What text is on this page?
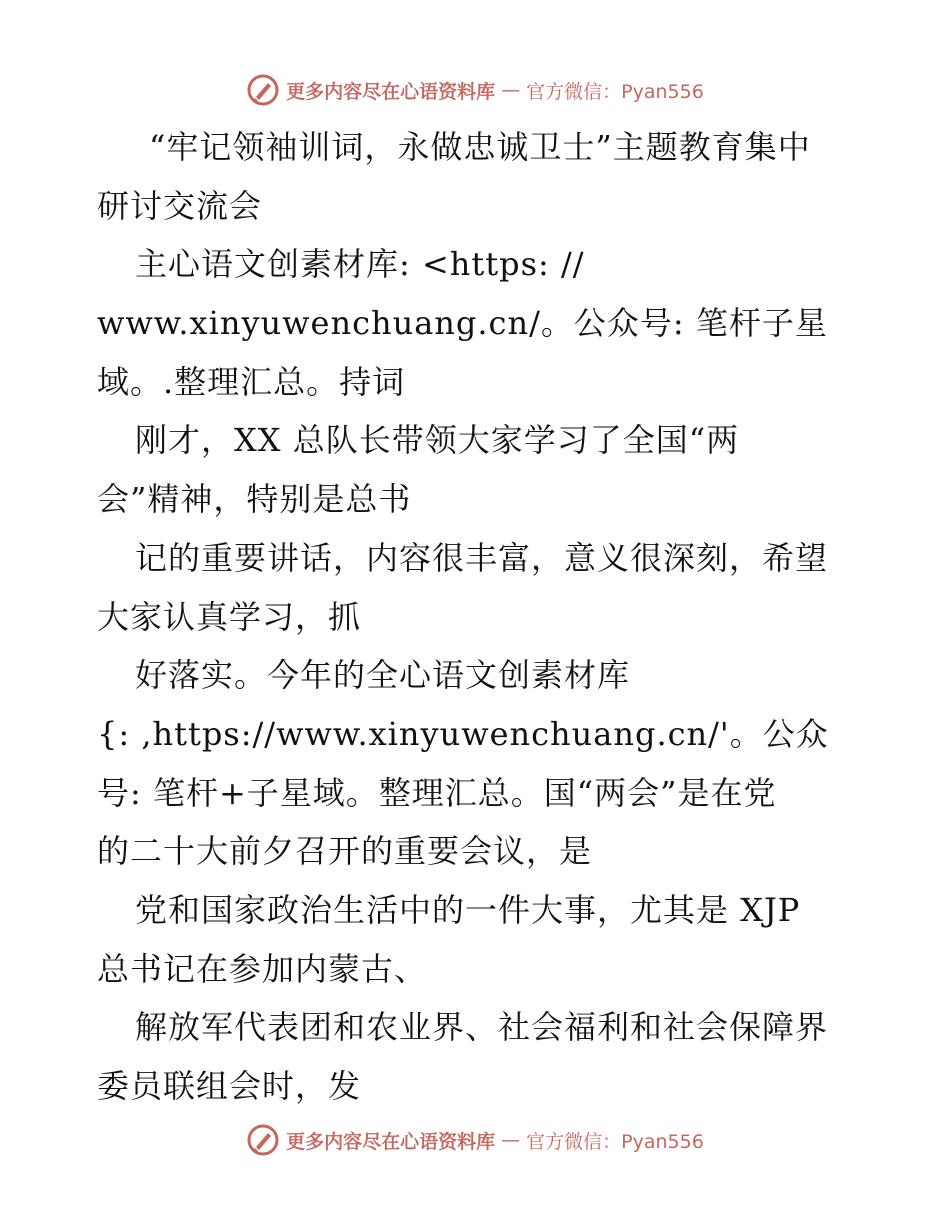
更多内容尽在心语资料库 — 官方微信：Pyan556
“牢记领袖训词，永做忠诚卫士”主题教育集中
研讨交流会
主心语文创素材库: <https: //
www.xinyuwenchuang.cn/。公众号: 笔杆子星
域。.整理汇总。持词
刚才，XX 总队长带领大家学习了全国“两
会”精神，特别是总书
记的重要讲话，内容很丰富，意义很深刻，希望
大家认真学习，抓
好落实。今年的全心语文创素材库
{: ,https://www.xinyuwenchuang.cn/'。公众
号: 笔杆+子星域。整理汇总。国“两会”是在党
的二十大前夕召开的重要会议，是
党和国家政治生活中的一件大事，尤其是 XJP
总书记在参加内蒙古、
解放军代表团和农业界、社会福利和社会保障界
委员联组会时，发
更多内容尽在心语资料库 — 官方微信：Pyan556
